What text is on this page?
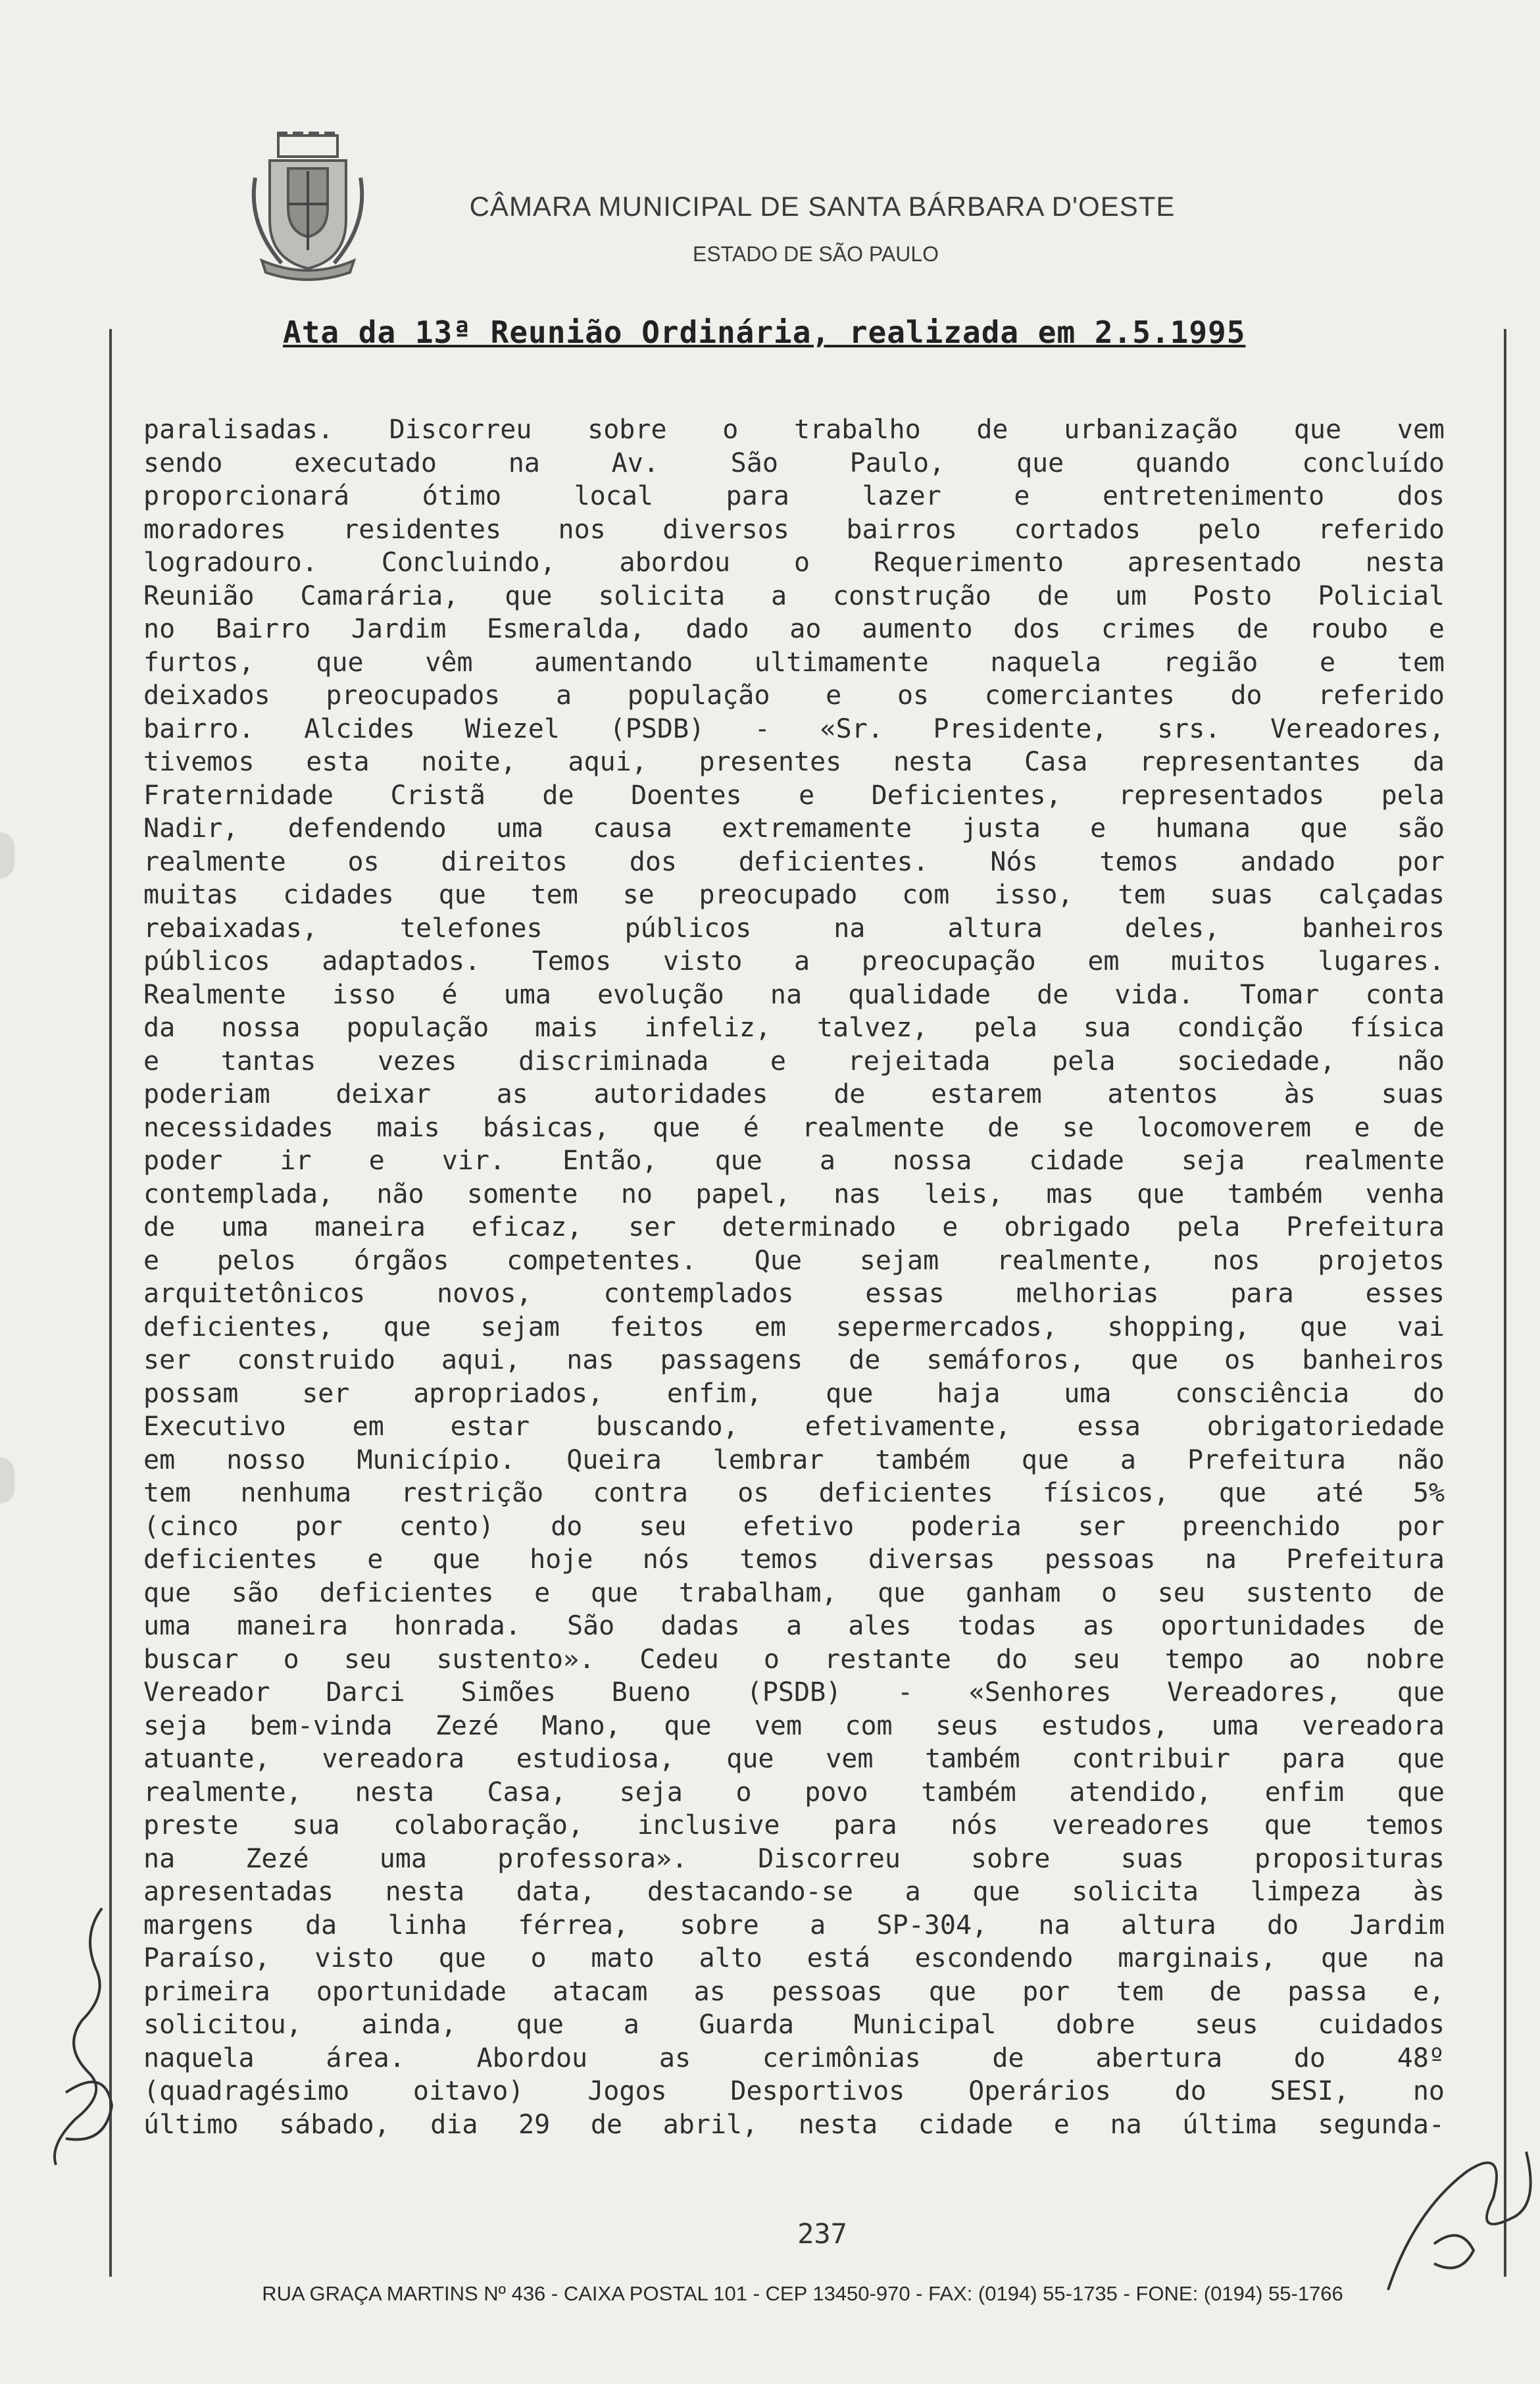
CÂMARA MUNICIPAL DE SANTA BÁRBARA D'OESTE
ESTADO DE SÃO PAULO
Ata da 13ª Reunião Ordinária, realizada em 2.5.1995
paralisadas. Discorreu sobre o trabalho de urbanização que vem
sendo executado na Av. São Paulo, que quando concluído
proporcionará ótimo local para lazer e entretenimento dos
moradores residentes nos diversos bairros cortados pelo referido
logradouro. Concluindo, abordou o Requerimento apresentado nesta
Reunião Camarária, que solicita a construção de um Posto Policial
no Bairro Jardim Esmeralda, dado ao aumento dos crimes de roubo e
furtos, que vêm aumentando ultimamente naquela região e tem
deixados preocupados a população e os comerciantes do referido
bairro. Alcides Wiezel (PSDB) - «Sr. Presidente, srs. Vereadores,
tivemos esta noite, aqui, presentes nesta Casa representantes da
Fraternidade Cristã de Doentes e Deficientes, representados pela
Nadir, defendendo uma causa extremamente justa e humana que são
realmente os direitos dos deficientes. Nós temos andado por
muitas cidades que tem se preocupado com isso, tem suas calçadas
rebaixadas, telefones públicos na altura deles, banheiros
públicos adaptados. Temos visto a preocupação em muitos lugares.
Realmente isso é uma evolução na qualidade de vida. Tomar conta
da nossa população mais infeliz, talvez, pela sua condição física
e tantas vezes discriminada e rejeitada pela sociedade, não
poderiam deixar as autoridades de estarem atentos às suas
necessidades mais básicas, que é realmente de se locomoverem e de
poder ir e vir. Então, que a nossa cidade seja realmente
contemplada, não somente no papel, nas leis, mas que também venha
de uma maneira eficaz, ser determinado e obrigado pela Prefeitura
e pelos órgãos competentes. Que sejam realmente, nos projetos
arquitetônicos novos, contemplados essas melhorias para esses
deficientes, que sejam feitos em sepermercados, shopping, que vai
ser construido aqui, nas passagens de semáforos, que os banheiros
possam ser apropriados, enfim, que haja uma consciência do
Executivo em estar buscando, efetivamente, essa obrigatoriedade
em nosso Município. Queira lembrar também que a Prefeitura não
tem nenhuma restrição contra os deficientes físicos, que até 5%
(cinco por cento) do seu efetivo poderia ser preenchido por
deficientes e que hoje nós temos diversas pessoas na Prefeitura
que são deficientes e que trabalham, que ganham o seu sustento de
uma maneira honrada. São dadas a ales todas as oportunidades de
buscar o seu sustento». Cedeu o restante do seu tempo ao nobre
Vereador Darci Simões Bueno (PSDB) - «Senhores Vereadores, que
seja bem-vinda Zezé Mano, que vem com seus estudos, uma vereadora
atuante, vereadora estudiosa, que vem também contribuir para que
realmente, nesta Casa, seja o povo também atendido, enfim que
preste sua colaboração, inclusive para nós vereadores que temos
na Zezé uma professora». Discorreu sobre suas proposituras
apresentadas nesta data, destacando-se a que solicita limpeza às
margens da linha férrea, sobre a SP-304, na altura do Jardim
Paraíso, visto que o mato alto está escondendo marginais, que na
primeira oportunidade atacam as pessoas que por tem de passa e,
solicitou, ainda, que a Guarda Municipal dobre seus cuidados
naquela área. Abordou as cerimônias de abertura do 48º
(quadragésimo oitavo) Jogos Desportivos Operários do SESI, no
último sábado, dia 29 de abril, nesta cidade e na última segunda-
237
RUA GRAÇA MARTINS Nº 436 - CAIXA POSTAL 101 - CEP 13450-970 - FAX: (0194) 55-1735 - FONE: (0194) 55-1766
